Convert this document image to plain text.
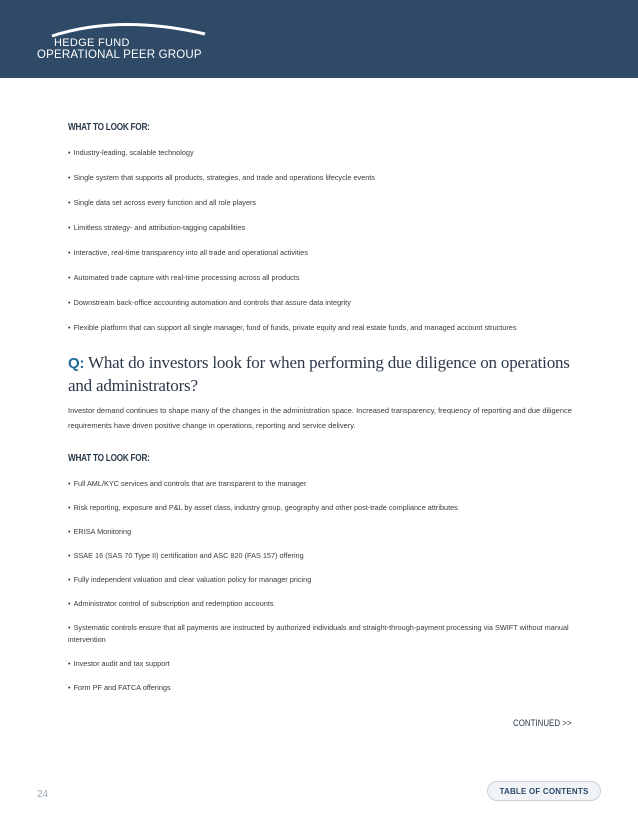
HEDGE FUND
OPERATIONAL PEER GROUP
WHAT TO LOOK FOR:
• Industry-leading, scalable technology
• Single system that supports all products, strategies, and trade and operations lifecycle events
• Single data set across every function and all role players
• Limitless strategy- and attribution-tagging capabilities
• Interactive, real-time transparency into all trade and operational activities
• Automated trade capture with real-time processing across all products
• Downstream back-office accounting automation and controls that assure data integrity
• Flexible platform that can support all single manager, fund of funds, private equity and real estate funds, and managed account structures
Q: What do investors look for when performing due diligence on operations and administrators?

Investor demand continues to shape many of the changes in the administration space. Increased transparency, frequency of reporting and due diligence requirements have driven positive change in operations, reporting and service delivery.

WHAT TO LOOK FOR:
• Full AML/KYC services and controls that are transparent to the manager
• Risk reporting, exposure and P&L by asset class, industry group, geography and other post-trade compliance attributes
• ERISA Monitoring
• SSAE 16 (SAS 70 Type II) certification and ASC 820 (FAS 157) offering
• Fully independent valuation and clear valuation policy for manager pricing
• Administrator control of subscription and redemption accounts
• Systematic controls ensure that all payments are instructed by authorized individuals and straight-through-payment processing via SWIFT without manual intervention
• Investor audit and tax support
• Form PF and FATCA offerings
CONTINUED >>
24	TABLE OF CONTENTS
